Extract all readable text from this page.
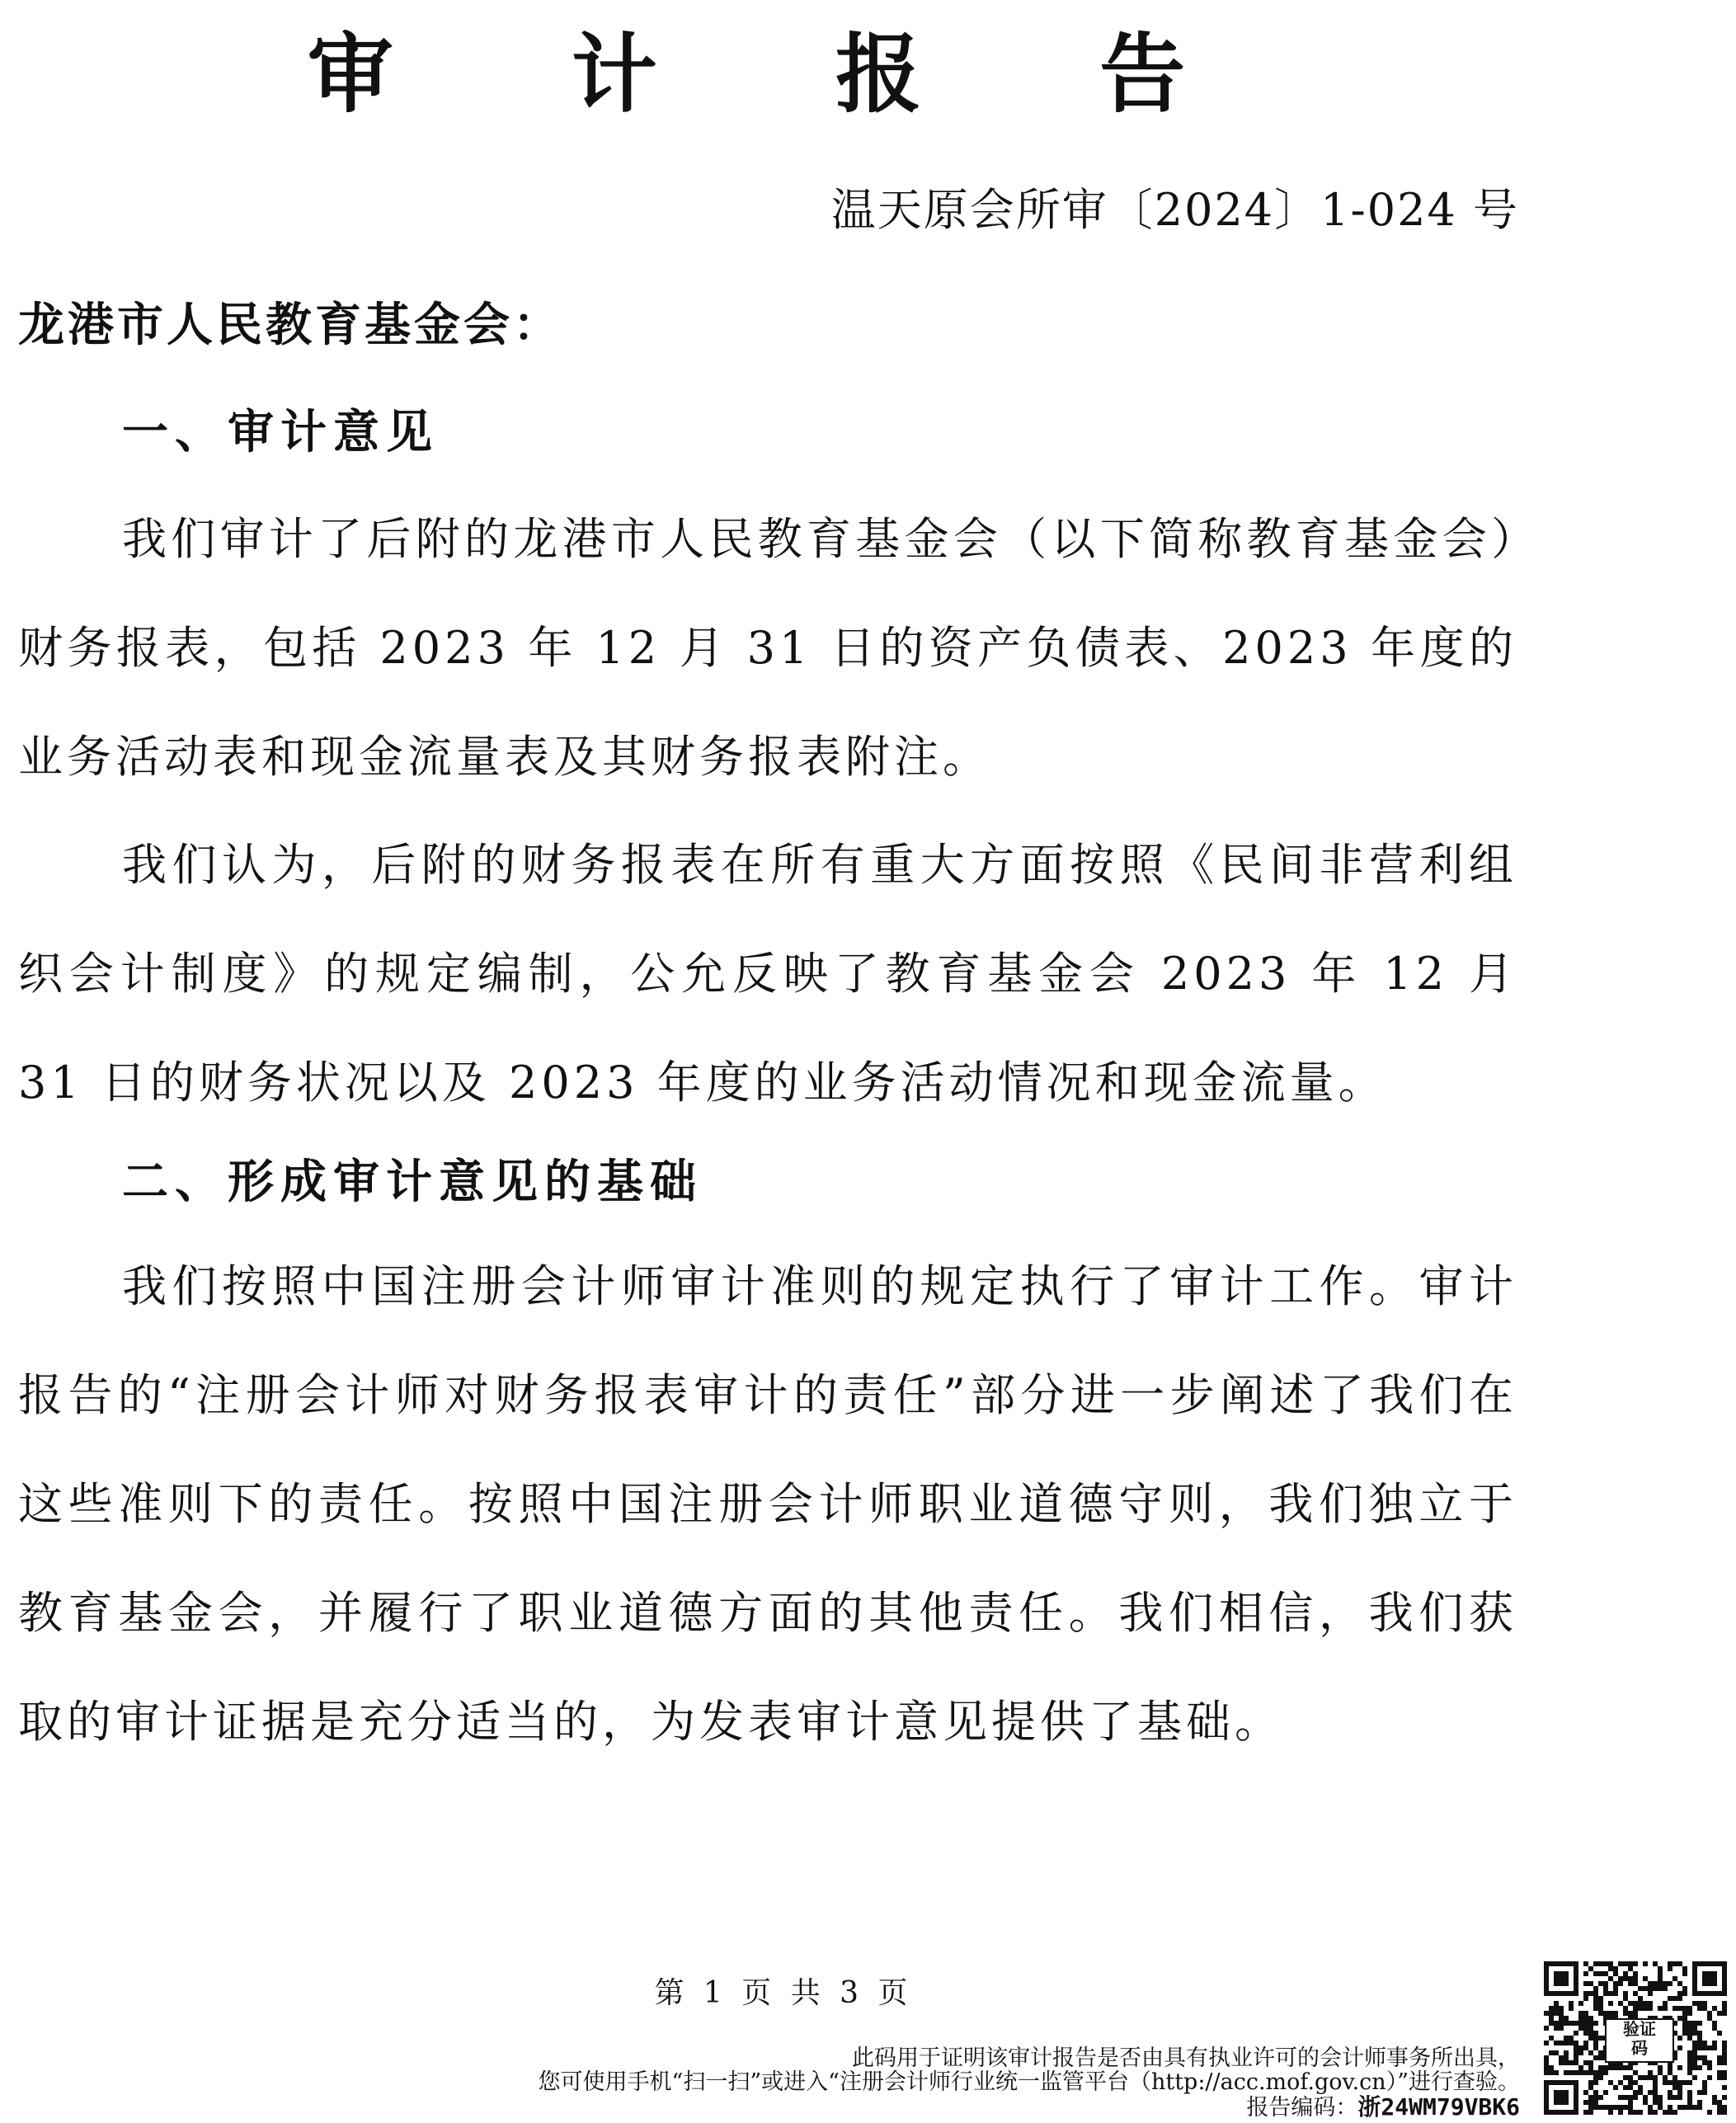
审 计 报 告
温天原会所审〔2024〕1-024 号
龙港市人民教育基金会：
一、审计意见

我们审计了后附的龙港市人民教育基金会（以下简称教育基金会）财务报表，包括 2023 年 12 月 31 日的资产负债表、2023 年度的业务活动表和现金流量表及其财务报表附注。

我们认为，后附的财务报表在所有重大方面按照《民间非营利组织会计制度》的规定编制，公允反映了教育基金会 2023 年 12 月 31 日的财务状况以及 2023 年度的业务活动情况和现金流量。

二、形成审计意见的基础

我们按照中国注册会计师审计准则的规定执行了审计工作。审计报告的“注册会计师对财务报表审计的责任”部分进一步阐述了我们在这些准则下的责任。按照中国注册会计师职业道德守则，我们独立于教育基金会，并履行了职业道德方面的其他责任。我们相信，我们获取的审计证据是充分适当的，为发表审计意见提供了基础。

第 1 页 共 3 页
此码用于证明该审计报告是否由具有执业许可的会计师事务所出具，
您可使用手机“扫一扫”或进入“注册会计师行业统一监管平台（http://acc.mof.gov.cn）”进行查验。
报告编码：浙24WM79VBK6
验证
码
